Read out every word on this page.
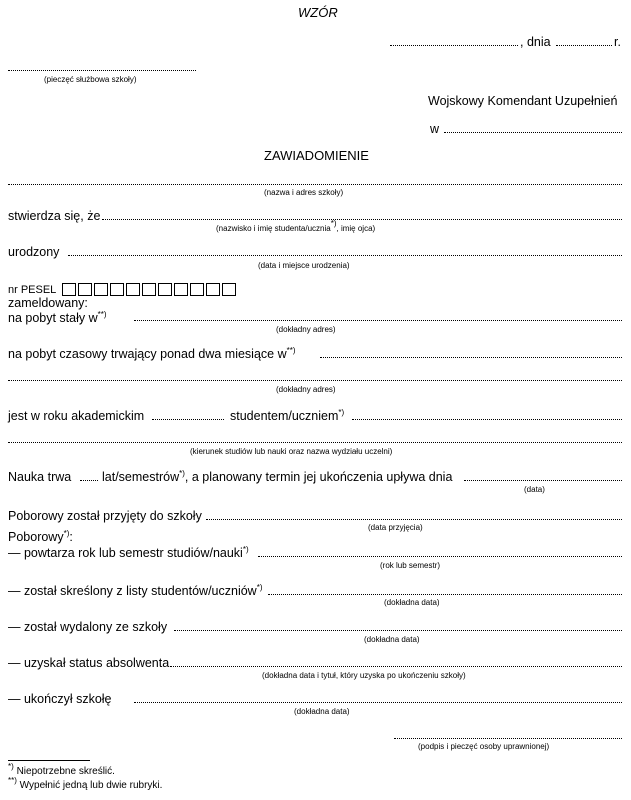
WZÓR
, dnia	r.
(pieczęć służbowa szkoły)
Wojskowy Komendant Uzupełnień
w
ZAWIADOMIENIE
(nazwa i adres szkoły)
stwierdza się, że
(nazwisko i imię studenta/ucznia*), imię ojca)
urodzony
(data i miejsce urodzenia)
nr PESEL
zameldowany:
na pobyt stały w**)
(dokładny adres)
na pobyt czasowy trwający ponad dwa miesiące w**)
(dokładny adres)
jest w roku akademickim	studentem/uczniem*)
(kierunek studiów lub nauki oraz nazwa wydziału uczelni)
Nauka trwa lat/semestrów*), a planowany termin jej ukończenia upływa dnia
(data)
Poborowy został przyjęty do szkoły
(data przyjęcia)
Poborowy*):
— powtarza rok lub semestr studiów/nauki*)
(rok lub semestr)
— został skreślony z listy studentów/uczniów*)
(dokładna data)
— został wydalony ze szkoły
(dokładna data)
— uzyskał status absolwenta
(dokładna data i tytuł, który uzyska po ukończeniu szkoły)
— ukończył szkołę
(dokładna data)
(podpis i pieczęć osoby uprawnionej)
*) Niepotrzebne skreślić.
**) Wypełnić jedną lub dwie rubryki.
